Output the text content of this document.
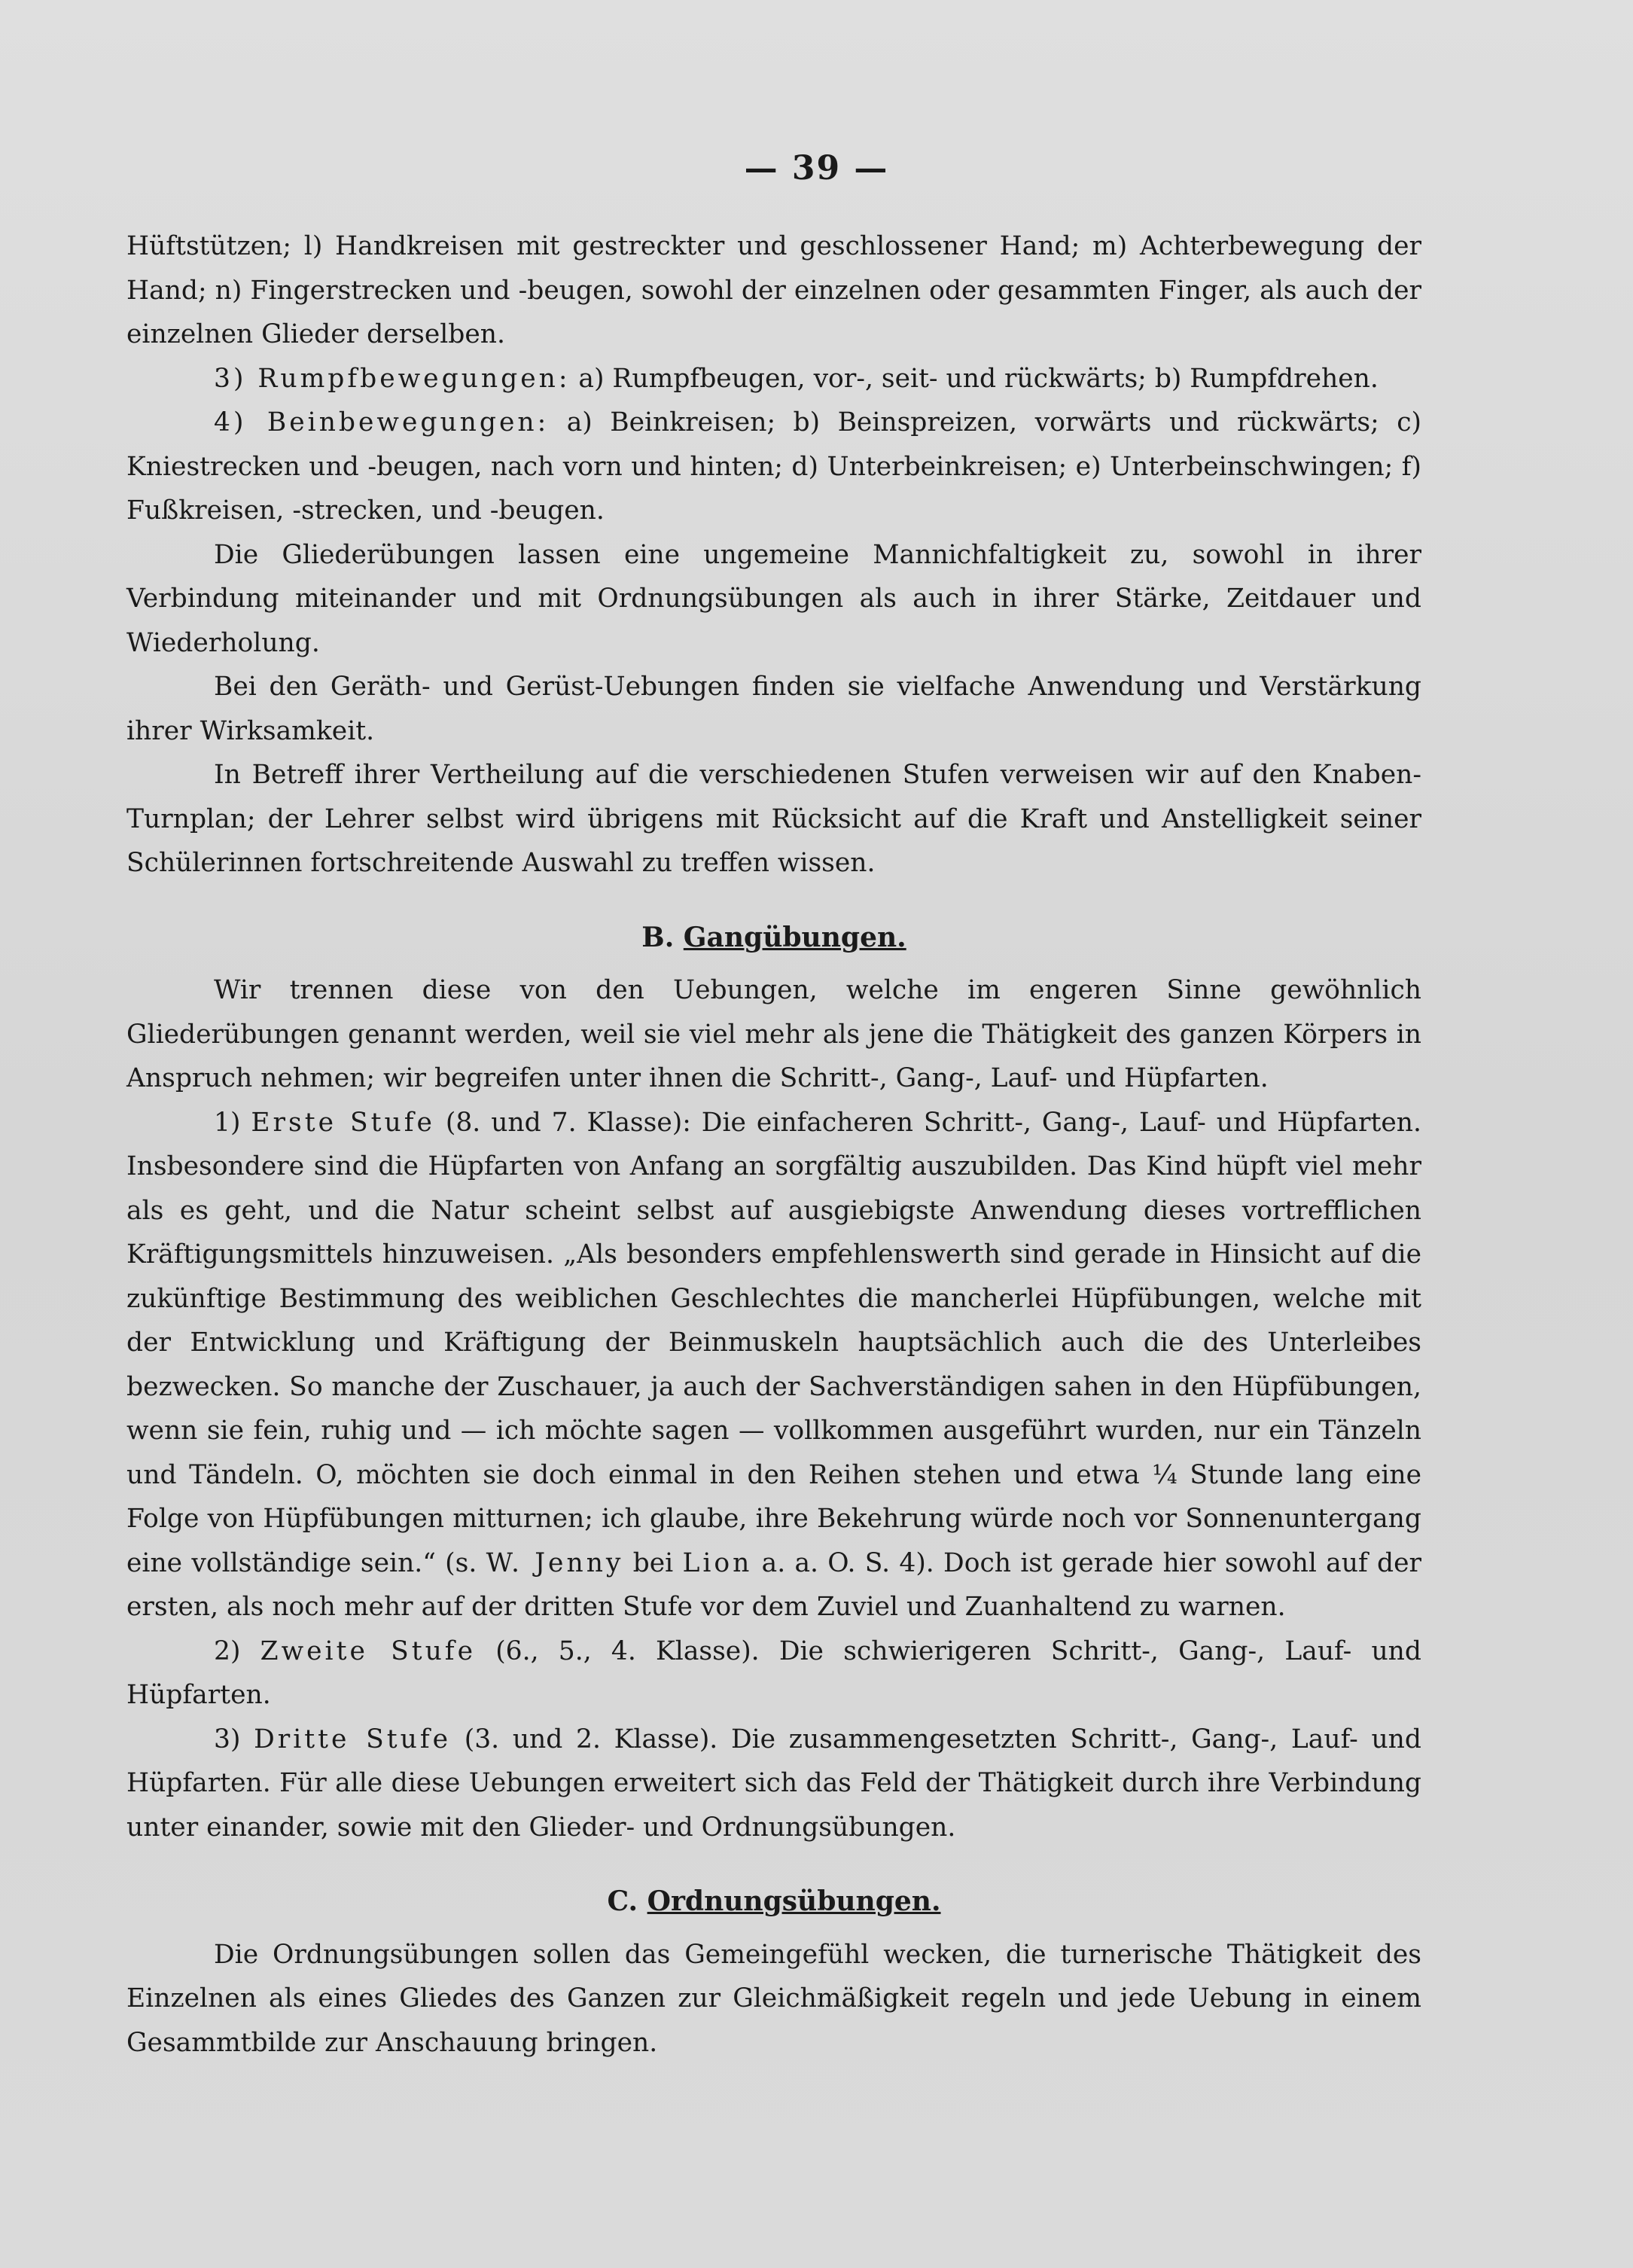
— 39 —

Hüftstützen; l) Handkreisen mit gestreckter und geschlossener Hand; m) Achterbewegung der Hand; n) Fingerstrecken und -beugen, sowohl der einzelnen oder gesammten Finger, als auch der einzelnen Glieder derselben.

3) Rumpfbewegungen: a) Rumpfbeugen, vor-, seit- und rückwärts; b) Rumpfdrehen.

4) Beinbewegungen: a) Beinkreisen; b) Beinspreizen, vorwärts und rückwärts; c) Kniestrecken und -beugen, nach vorn und hinten; d) Unterbeinkreisen; e) Unterbeinschwingen; f) Fußkreisen, -strecken, und -beugen.

Die Gliederübungen lassen eine ungemeine Mannichfaltigkeit zu, sowohl in ihrer Verbindung miteinander und mit Ordnungsübungen als auch in ihrer Stärke, Zeitdauer und Wiederholung.

Bei den Geräth- und Gerüst-Uebungen finden sie vielfache Anwendung und Verstärkung ihrer Wirksamkeit.

In Betreff ihrer Vertheilung auf die verschiedenen Stufen verweisen wir auf den Knaben-Turnplan; der Lehrer selbst wird übrigens mit Rücksicht auf die Kraft und Anstelligkeit seiner Schülerinnen fortschreitende Auswahl zu treffen wissen.

B. Gangübungen.

Wir trennen diese von den Uebungen, welche im engeren Sinne gewöhnlich Gliederübungen genannt werden, weil sie viel mehr als jene die Thätigkeit des ganzen Körpers in Anspruch nehmen; wir begreifen unter ihnen die Schritt-, Gang-, Lauf- und Hüpfarten.

1) Erste Stufe (8. und 7. Klasse): Die einfacheren Schritt-, Gang-, Lauf- und Hüpfarten. Insbesondere sind die Hüpfarten von Anfang an sorgfältig auszubilden. Das Kind hüpft viel mehr als es geht, und die Natur scheint selbst auf ausgiebigste Anwendung dieses vortrefflichen Kräftigungsmittels hinzuweisen. „Als besonders empfehlenswerth sind gerade in Hinsicht auf die zukünftige Bestimmung des weiblichen Geschlechtes die mancherlei Hüpfübungen, welche mit der Entwicklung und Kräftigung der Beinmuskeln hauptsächlich auch die des Unterleibes bezwecken. So manche der Zuschauer, ja auch der Sachverständigen sahen in den Hüpfübungen, wenn sie fein, ruhig und — ich möchte sagen — vollkommen ausgeführt wurden, nur ein Tänzeln und Tändeln. O, möchten sie doch einmal in den Reihen stehen und etwa ¼ Stunde lang eine Folge von Hüpfübungen mitturnen; ich glaube, ihre Bekehrung würde noch vor Sonnenuntergang eine vollständige sein.“ (s. W. Jenny bei Lion a. a. O. S. 4). Doch ist gerade hier sowohl auf der ersten, als noch mehr auf der dritten Stufe vor dem Zuviel und Zuanhaltend zu warnen.

2) Zweite Stufe (6., 5., 4. Klasse). Die schwierigeren Schritt-, Gang-, Lauf- und Hüpfarten.

3) Dritte Stufe (3. und 2. Klasse). Die zusammengesetzten Schritt-, Gang-, Lauf- und Hüpfarten. Für alle diese Uebungen erweitert sich das Feld der Thätigkeit durch ihre Verbindung unter einander, sowie mit den Glieder- und Ordnungsübungen.

C. Ordnungsübungen.

Die Ordnungsübungen sollen das Gemeingefühl wecken, die turnerische Thätigkeit des Einzelnen als eines Gliedes des Ganzen zur Gleichmäßigkeit regeln und jede Uebung in einem Gesammtbilde zur Anschauung bringen.
